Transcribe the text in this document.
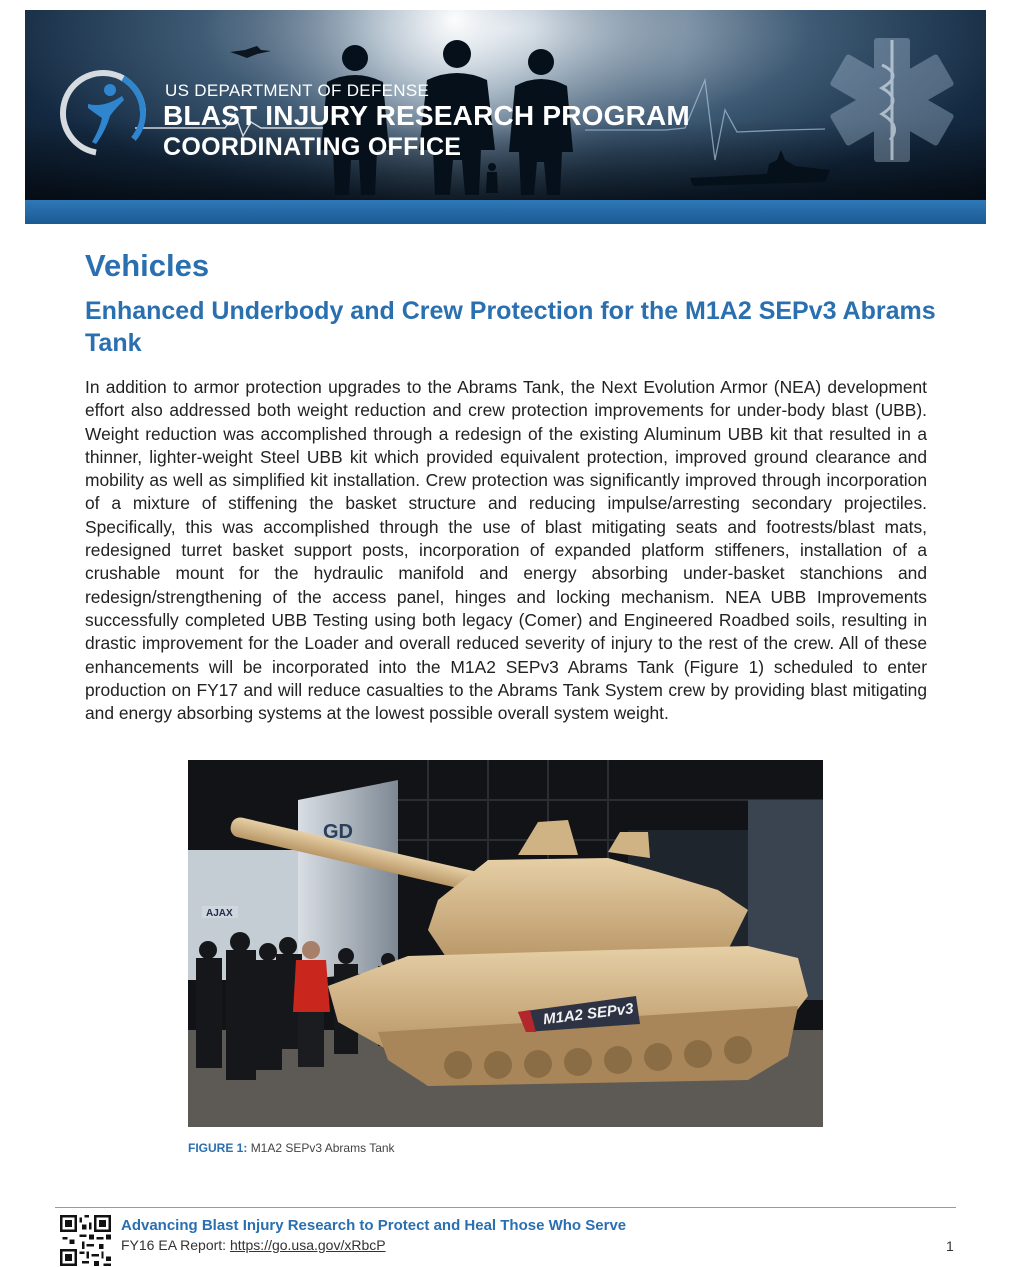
US DEPARTMENT OF DEFENSE
BLAST INJURY RESEARCH PROGRAM
COORDINATING OFFICE
Vehicles
Enhanced Underbody and Crew Protection for the M1A2 SEPv3 Abrams Tank

In addition to armor protection upgrades to the Abrams Tank, the Next Evolution Armor (NEA) development effort also addressed both weight reduction and crew protection improvements for under-body blast (UBB). Weight reduction was accomplished through a redesign of the existing Aluminum UBB kit that resulted in a thinner, lighter-weight Steel UBB kit which provided equivalent protection, improved ground clearance and mobility as well as simplified kit installation. Crew protection was significantly improved through incorporation of a mixture of stiffening the basket structure and reducing impulse/arresting secondary projectiles. Specifically, this was accomplished through the use of blast mitigating seats and footrests/blast mats, redesigned turret basket support posts, incorporation of expanded platform stiffeners, installation of a crushable mount for the hydraulic manifold and energy absorbing under-basket stanchions and redesign/strengthening of the access panel, hinges and locking mechanism. NEA UBB Improvements successfully completed UBB Testing using both legacy (Comer) and Engineered Roadbed soils, resulting in drastic improvement for the Loader and overall reduced severity of injury to the rest of the crew. All of these enhancements will be incorporated into the M1A2 SEPv3 Abrams Tank (Figure 1) scheduled to enter production on FY17 and will reduce casualties to the Abrams Tank System crew by providing blast mitigating and energy absorbing systems at the lowest possible overall system weight.

GD
AJAX
M1A2 SEPv3
FIGURE 1: M1A2 SEPv3 Abrams Tank
Advancing Blast Injury Research to Protect and Heal Those Who Serve
FY16 EA Report: https://go.usa.gov/xRbcP	1
